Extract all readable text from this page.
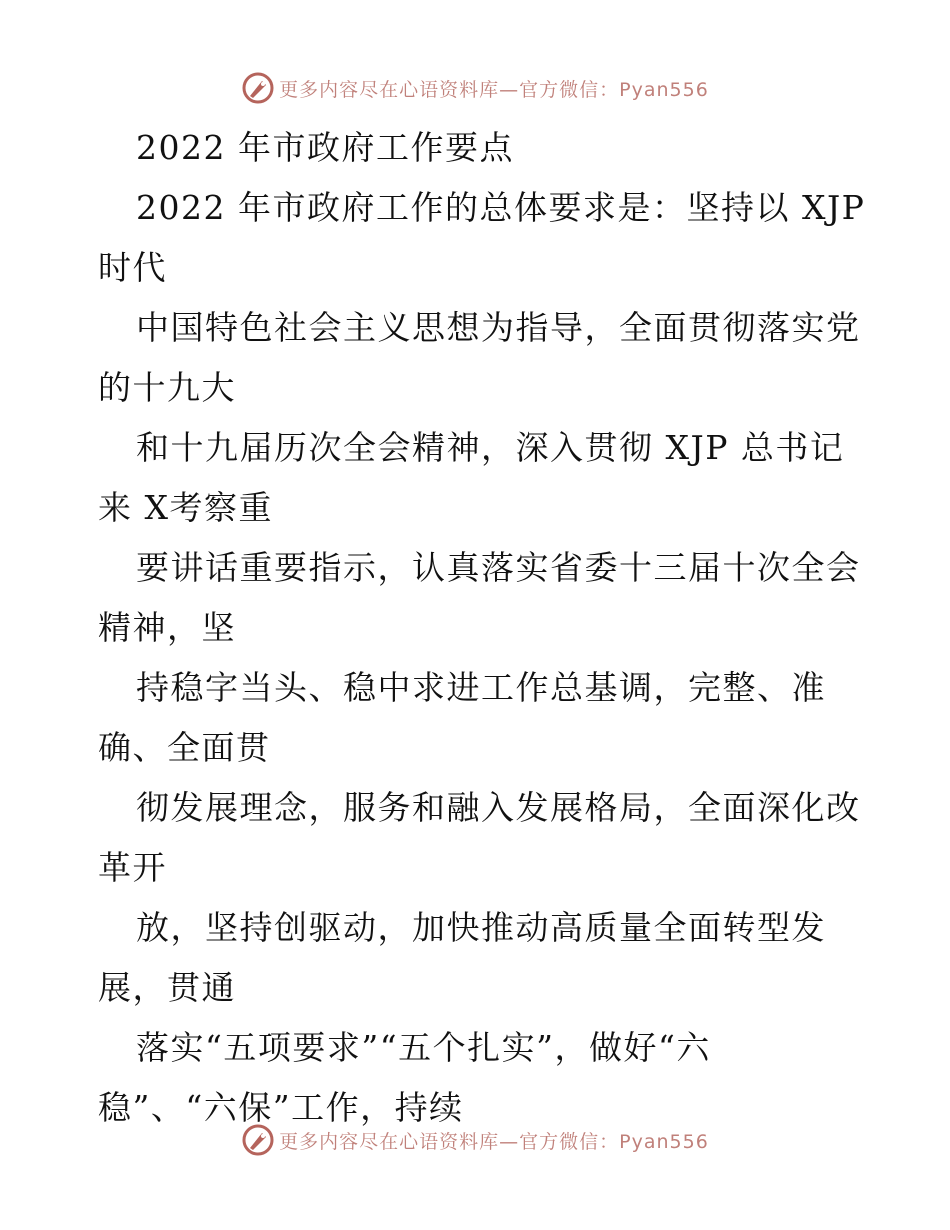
更多内容尽在心语资料库—官方微信：Pyan556
2022 年市政府工作要点
2022 年市政府工作的总体要求是：坚持以 XJP
时代
中国特色社会主义思想为指导，全面贯彻落实党
的十九大
和十九届历次全会精神，深入贯彻 XJP 总书记
来 X考察重
要讲话重要指示，认真落实省委十三届十次全会
精神，坚
持稳字当头、稳中求进工作总基调，完整、准
确、全面贯
彻发展理念，服务和融入发展格局，全面深化改
革开
放，坚持创驱动，加快推动高质量全面转型发
展，贯通
落实“五项要求”“五个扎实”，做好“六
稳”、“六保”工作，持续
更多内容尽在心语资料库—官方微信：Pyan556
